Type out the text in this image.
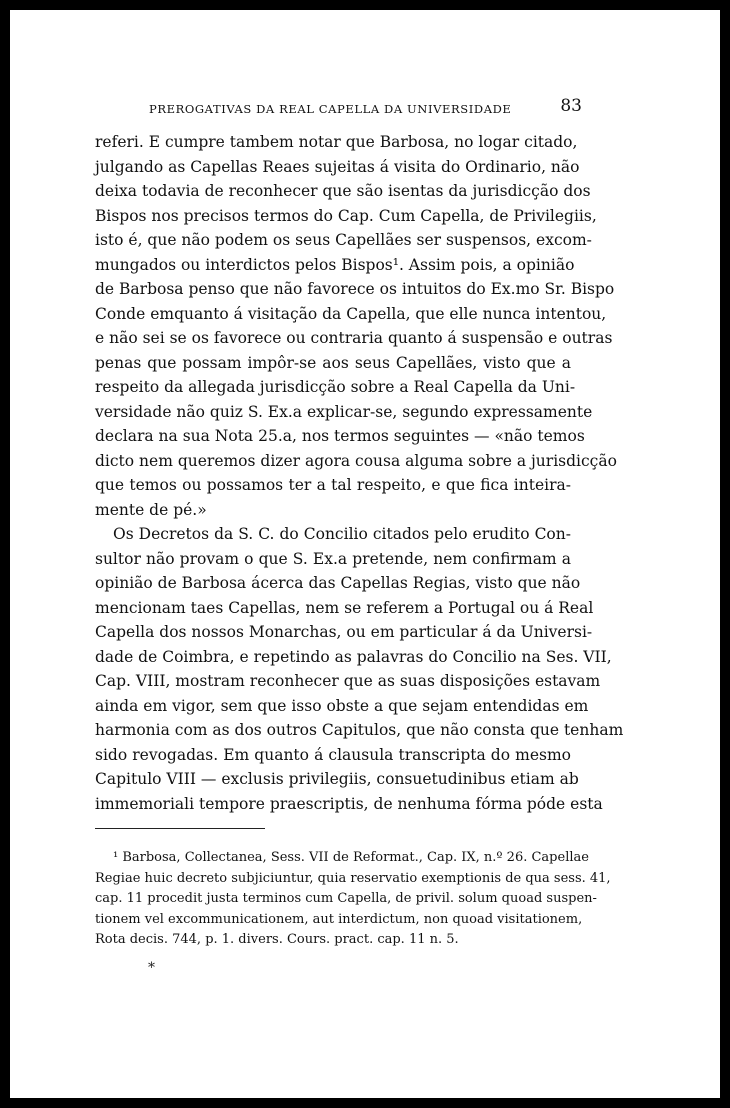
PREROGATIVAS DA REAL CAPELLA DA UNIVERSIDADE	83
referi. E cumpre tambem notar que Barbosa, no logar citado,
julgando as Capellas Reaes sujeitas á visita do Ordinario, não
deixa todavia de reconhecer que são isentas da jurisdicção dos
Bispos nos precisos termos do Cap. Cum Capella, de Privilegiis,
isto é, que não podem os seus Capellães ser suspensos, excom-
mungados ou interdictos pelos Bispos¹. Assim pois, a opinião
de Barbosa penso que não favorece os intuitos do Ex.mo Sr. Bispo
Conde emquanto á visitação da Capella, que elle nunca intentou,
e não sei se os favorece ou contraria quanto á suspensão e outras
penas que possam impôr-se aos seus Capellães, visto que a
respeito da allegada jurisdicção sobre a Real Capella da Uni-
versidade não quiz S. Ex.a explicar-se, segundo expressamente
declara na sua Nota 25.a, nos termos seguintes — «não temos
dicto nem queremos dizer agora cousa alguma sobre a jurisdicção
que temos ou possamos ter a tal respeito, e que fica inteira-
mente de pé.»
Os Decretos da S. C. do Concilio citados pelo erudito Con-
sultor não provam o que S. Ex.a pretende, nem confirmam a
opinião de Barbosa ácerca das Capellas Regias, visto que não
mencionam taes Capellas, nem se referem a Portugal ou á Real
Capella dos nossos Monarchas, ou em particular á da Universi-
dade de Coimbra, e repetindo as palavras do Concilio na Ses. VII,
Cap. VIII, mostram reconhecer que as suas disposições estavam
ainda em vigor, sem que isso obste a que sejam entendidas em
harmonia com as dos outros Capitulos, que não consta que tenham
sido revogadas. Em quanto á clausula transcripta do mesmo
Capitulo VIII — exclusis privilegiis, consuetudinibus etiam ab
immemoriali tempore praescriptis, de nenhuma fórma póde esta
¹ Barbosa, Collectanea, Sess. VII de Reformat., Cap. IX, n.º 26. Capellae
Regiae huic decreto subjiciuntur, quia reservatio exemptionis de qua sess. 41,
cap. 11 procedit justa terminos cum Capella, de privil. solum quoad suspen-
tionem vel excommunicationem, aut interdictum, non quoad visitationem,
Rota decis. 744, p. 1. divers. Cours. pract. cap. 11 n. 5.
*
